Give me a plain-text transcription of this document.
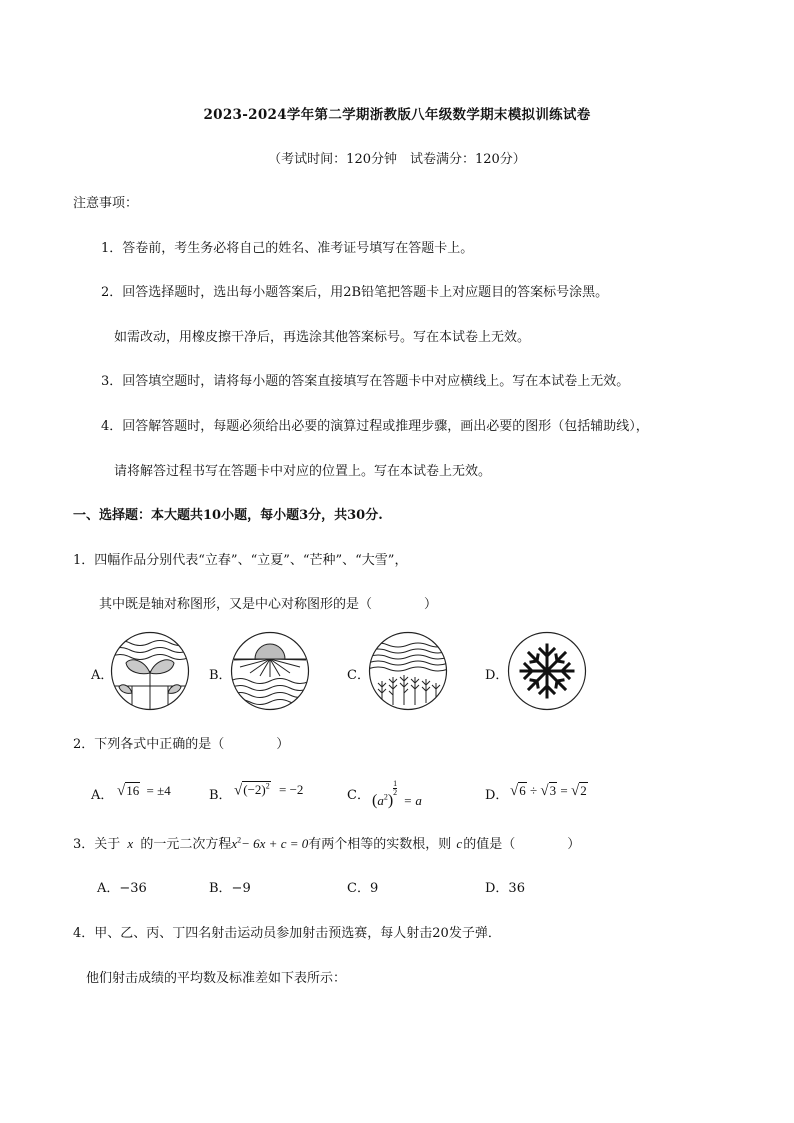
2023-2024学年第二学期浙教版八年级数学期末模拟训练试卷
（考试时间：120分钟　试卷满分：120分）
注意事项：
1．答卷前，考生务必将自己的姓名、准考证号填写在答题卡上。
2．回答选择题时，选出每小题答案后，用2B铅笔把答题卡上对应题目的答案标号涂黑。
如需改动，用橡皮擦干净后，再选涂其他答案标号。写在本试卷上无效。
3．回答填空题时，请将每小题的答案直接填写在答题卡中对应横线上。写在本试卷上无效。
4．回答解答题时，每题必须给出必要的演算过程或推理步骤，画出必要的图形（包括辅助线），
请将解答过程书写在答题卡中对应的位置上。写在本试卷上无效。
一、选择题：本大题共10小题，每小题3分，共30分.
1．四幅作品分别代表“立春”、“立夏”、“芒种”、“大雪”，
其中既是轴对称图形，又是中心对称图形的是（　　　　）
A．	B．	C．	D．
2．下列各式中正确的是（　　　　）
A． √16 = ±4	B． $√(-2)^2 = -2$	C． $(a^2)$
$\frac{1}{2}$
= a	D． √6 ÷ √3 = √2
3．关于 x 的一元二次方程$x^2- 6x + c = 0$有两个相等的实数根，则 c的值是（　　　　）
A．−36	B．−9	C．9	D．36
4．甲、乙、丙、丁四名射击运动员参加射击预选赛，每人射击20发子弹．
他们射击成绩的平均数及标准差如下表所示：
